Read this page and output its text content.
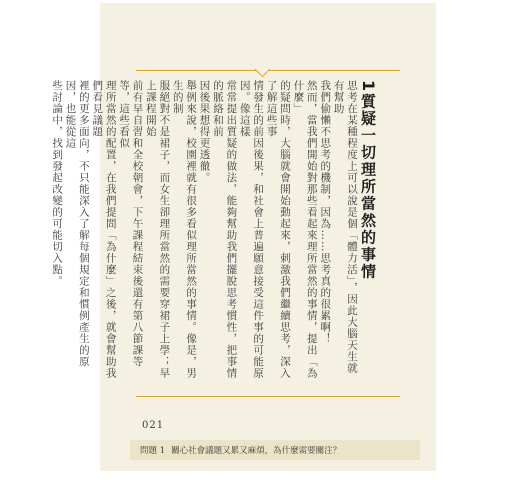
1質疑一切理所當然的事情

思考在某種程度上可以說是個「體力活」，因此大腦天生就有幫助

我們偷懶不思考的機制，因為……思考真的很累啊！

然而，當我們開始對那些看起來理所當然的事情，提出「為什麼」

的疑問時，大腦就會開始動起來，刺激我們繼續思考，深入了解這些事

情發生的前因後果，和社會上普遍願意接受這件事的可能原因。像這樣

常常提出質疑的做法，能夠幫助我們擺脫思考慣性，把事情的脈絡和前

因後果想得更透徹。

舉例來說，校園裡就有很多看似理所當然的事情。像是，男生的制

服絕對不是裙子，而女生卻理所當然的需要穿裙子上學；早上課程開始

前有早自習和全校朝會，下午課程結束後還有第八節課等等，這些看似

理所當然的配置，在我們提問「為什麼」之後，就會幫助我們看見議題

裡的更多面向，不只能深入了解每個規定和慣例產生的原因，也能從這

些討論中，找到發起改變的可能切入點。

021
問題 1 關心社會議題又累又麻煩，為什麼需要關注？
